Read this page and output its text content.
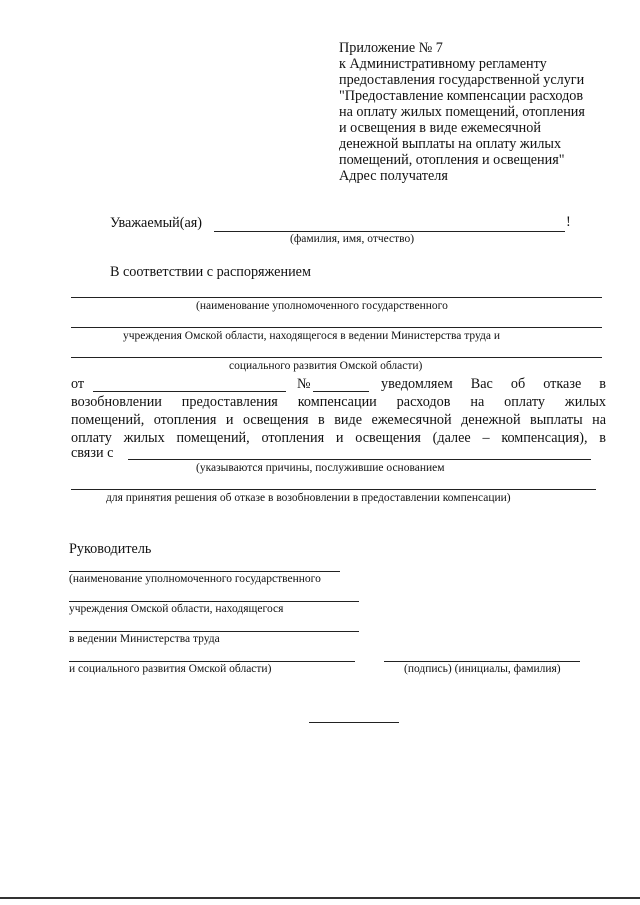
Приложение № 7
к Административному регламенту
предоставления государственной услуги
"Предоставление компенсации расходов
на оплату жилых помещений, отопления
и освещения в виде ежемесячной
денежной выплаты на оплату жилых
помещений, отопления и освещения"
Адрес получателя
Уважаемый(ая)	!
(фамилия, имя, отчество)
В соответствии с распоряжением
(наименование уполномоченного государственного
учреждения Омской области, находящегося в ведении Министерства труда и
социального развития Омской области)
от	№	уведомляем Вас об отказе в
возобновлении предоставления компенсации расходов на оплату жилых
помещений, отопления и освещения в виде ежемесячной денежной выплаты на
оплату жилых помещений, отопления и освещения (далее – компенсация), в
связи с
(указываются причины, послужившие основанием
для принятия решения об отказе в возобновлении в предоставлении компенсации)
Руководитель
(наименование уполномоченного государственного
учреждения Омской области, находящегося
в ведении Министерства труда
и социального развития Омской области)	(подпись) (инициалы, фамилия)
